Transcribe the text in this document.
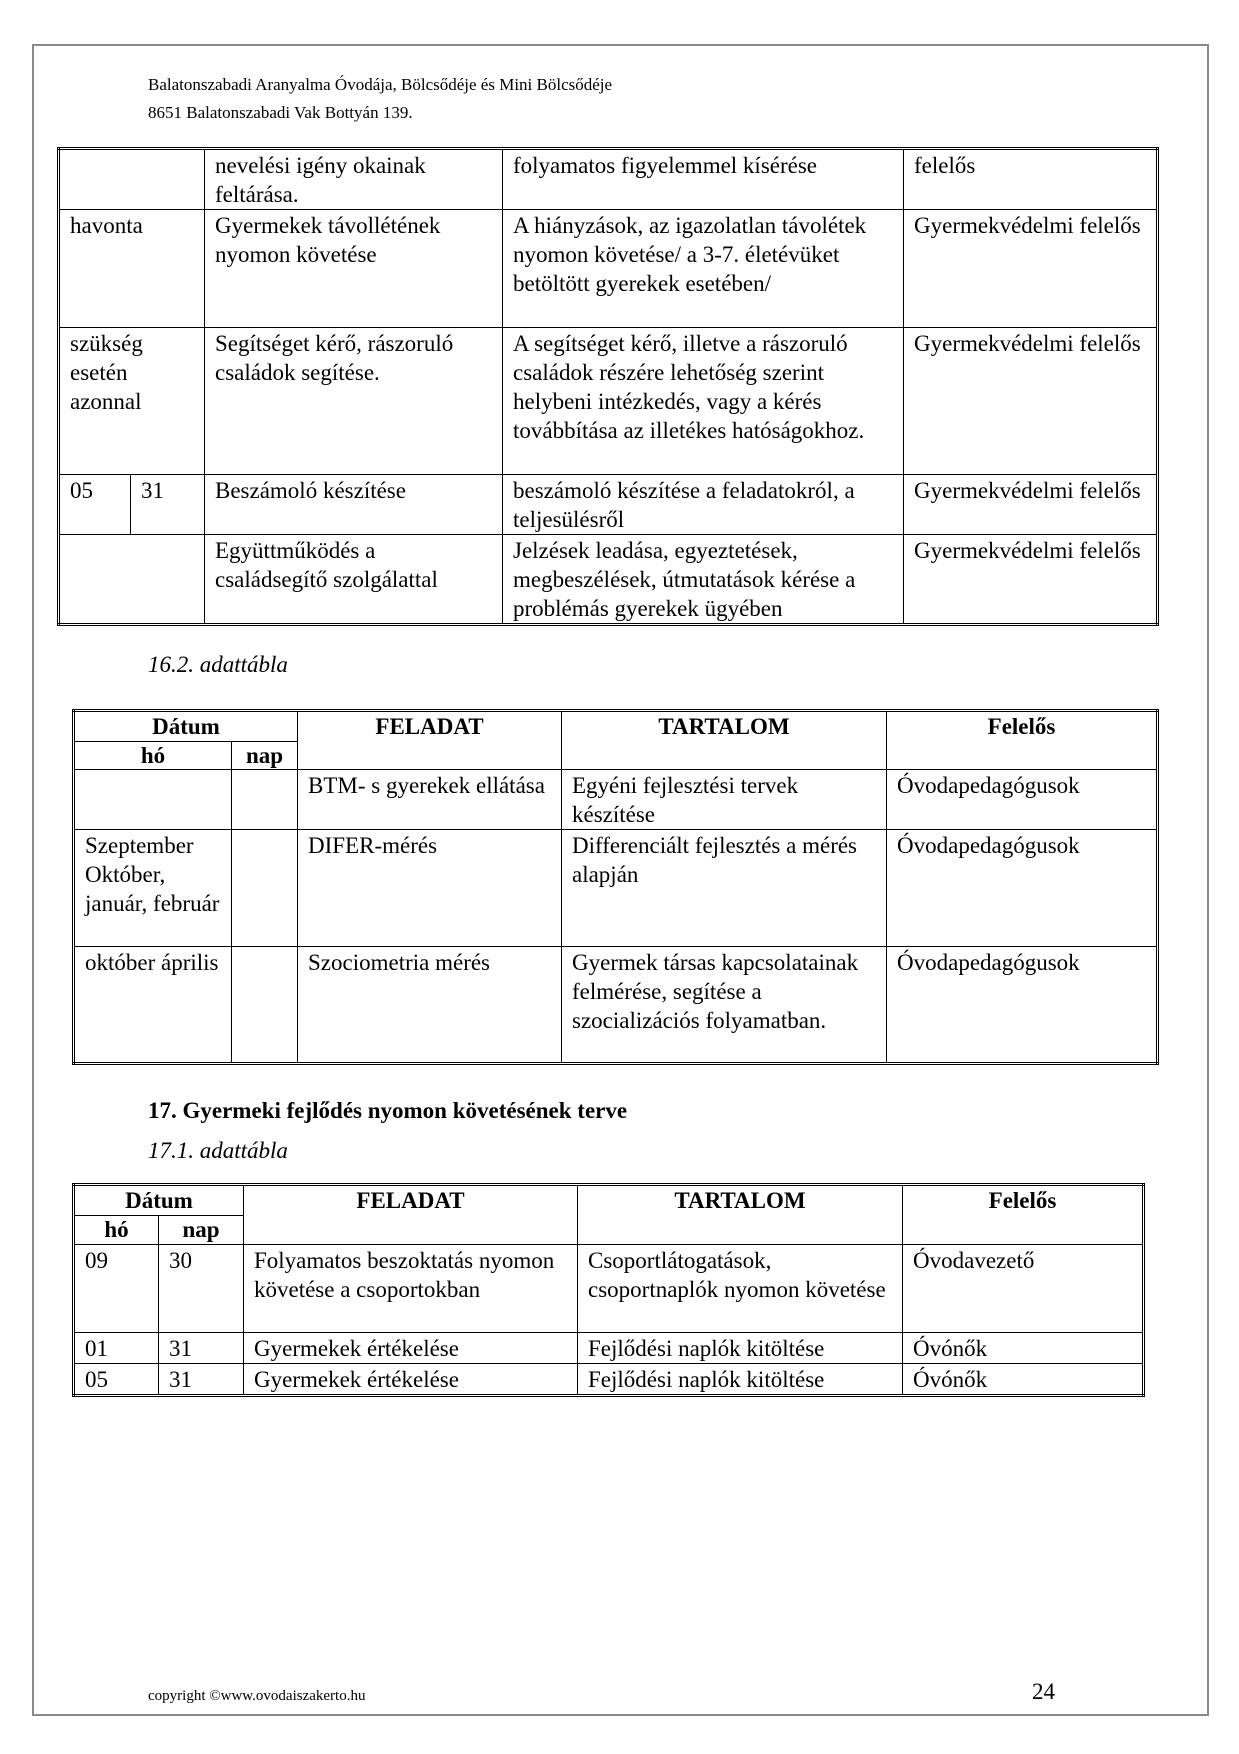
Balatonszabadi Aranyalma Óvodája, Bölcsődéje és Mini Bölcsődéje
8651 Balatonszabadi Vak Bottyán 139.
		nevelési igény okainak feltárása.	folyamatos figyelemmel kísérése	felelős
havonta		Gyermekek távollétének nyomon követése	A hiányzások, az igazolatlan távolétek nyomon követése/ a 3-7. életévüket betöltött gyerekek esetében/	Gyermekvédelmi felelős
szükség esetén azonnal		Segítséget kérő, rászoruló családok segítése.	A segítséget kérő, illetve a rászoruló családok részére lehetőség szerint helybeni intézkedés, vagy a kérés továbbítása az illetékes hatóságokhoz.	Gyermekvédelmi felelős
05	31	Beszámoló készítése	beszámoló készítése a feladatokról, a teljesülésről	Gyermekvédelmi felelős
		Együttműködés a családsegítő szolgálattal	Jelzések leadása, egyeztetések, megbeszélések, útmutatások kérése a problémás gyerekek ügyében	Gyermekvédelmi felelős
16.2. adattábla
Dátum		FELADAT	TARTALOM	Felelős
hó	nap			
		BTM- s gyerekek ellátása	Egyéni fejlesztési tervek készítése	Óvodapedagógusok
Szeptember Október, január, február		DIFER-mérés	Differenciált fejlesztés a mérés alapján	Óvodapedagógusok
október április		Szociometria mérés	Gyermek társas kapcsolatainak felmérése, segítése a szocializációs folyamatban.	Óvodapedagógusok
17. Gyermeki fejlődés nyomon követésének terve
17.1. adattábla
Dátum		FELADAT	TARTALOM	Felelős
hó	nap			
09	30	Folyamatos beszoktatás nyomon követése a csoportokban	Csoportlátogatások, csoportnaplók nyomon követése	Óvodavezető
01	31	Gyermekek értékelése	Fejlődési naplók kitöltése	Óvónők
05	31	Gyermekek értékelése	Fejlődési naplók kitöltése	Óvónők
copyright ©www.ovodaiszakerto.hu	24
